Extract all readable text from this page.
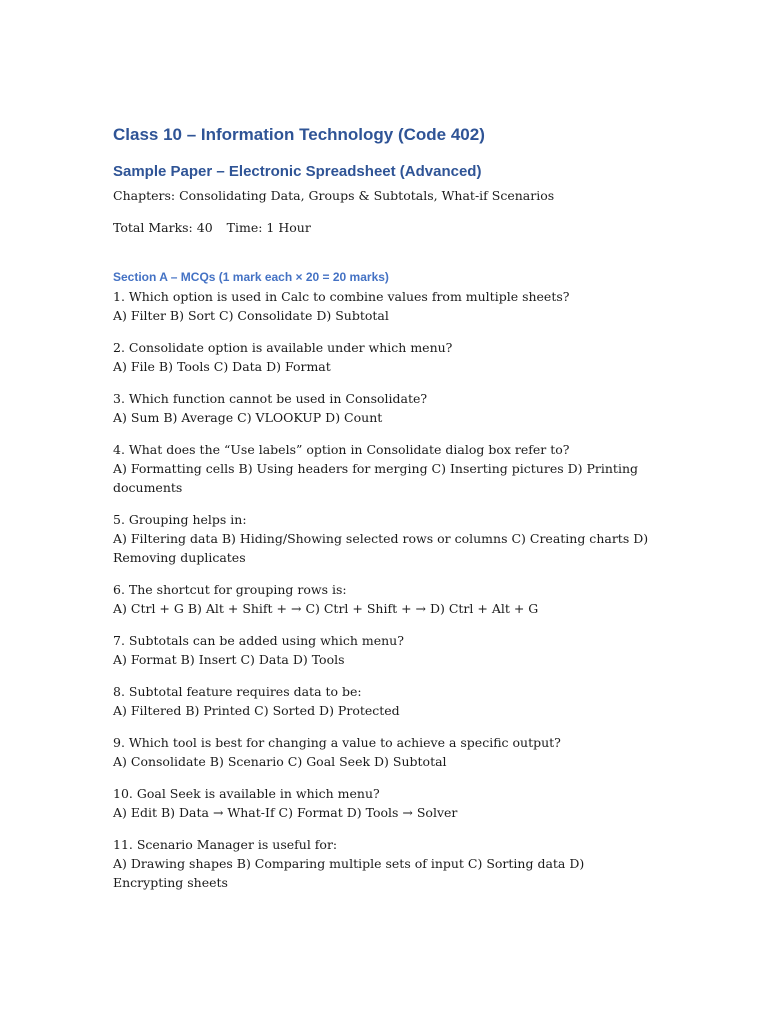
Class 10 – Information Technology (Code 402)
Sample Paper – Electronic Spreadsheet (Advanced)

Chapters: Consolidating Data, Groups & Subtotals, What-if Scenarios

Total Marks: 40 Time: 1 Hour

Section A – MCQs (1 mark each × 20 = 20 marks)
1. Which option is used in Calc to combine values from multiple sheets?
A) Filter B) Sort C) Consolidate D) Subtotal
2. Consolidate option is available under which menu?
A) File B) Tools C) Data D) Format
3. Which function cannot be used in Consolidate?
A) Sum B) Average C) VLOOKUP D) Count
4. What does the “Use labels” option in Consolidate dialog box refer to?
A) Formatting cells B) Using headers for merging C) Inserting pictures D) Printing documents
5. Grouping helps in:
A) Filtering data B) Hiding/Showing selected rows or columns C) Creating charts D) Removing duplicates
6. The shortcut for grouping rows is:
A) Ctrl + G B) Alt + Shift + → C) Ctrl + Shift + → D) Ctrl + Alt + G
7. Subtotals can be added using which menu?
A) Format B) Insert C) Data D) Tools
8. Subtotal feature requires data to be:
A) Filtered B) Printed C) Sorted D) Protected
9. Which tool is best for changing a value to achieve a specific output?
A) Consolidate B) Scenario C) Goal Seek D) Subtotal
10. Goal Seek is available in which menu?
A) Edit B) Data → What-If C) Format D) Tools → Solver
11. Scenario Manager is useful for:
A) Drawing shapes B) Comparing multiple sets of input C) Sorting data D) Encrypting sheets
